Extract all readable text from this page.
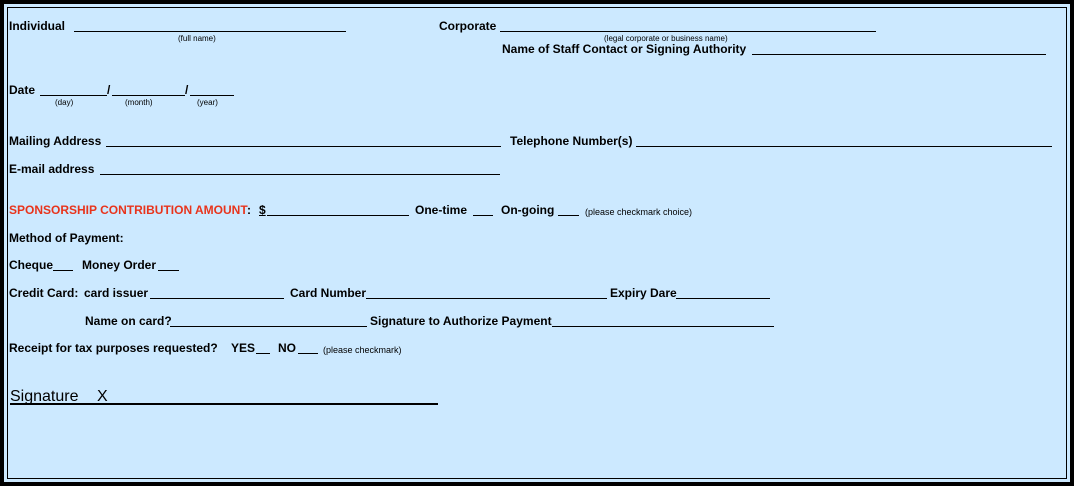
Individual
(full name)
Corporate
(legal corporate or business name)
Name of Staff Contact or Signing Authority
Date	/	/
(day)	(month)	(year)
Mailing Address	Telephone Number(s)
E-mail address
SPONSORSHIP CONTRIBUTION AMOUNT : $	One-time	On-going	(please checkmark choice)
Method of Payment:
Cheque Money Order
Credit Card: card issuer	Card Number	Expiry Dare
Name on card?	Signature to Authorize Payment
Receipt for tax purposes requested? YES NO	(please checkmark)
Signature X
